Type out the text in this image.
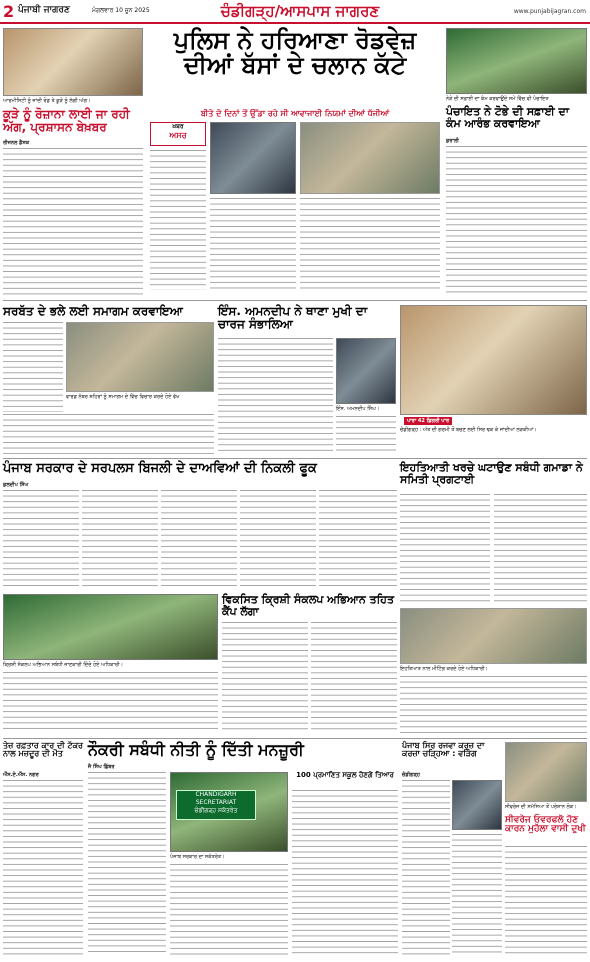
2 ਪੰਜਾਬੀ ਜਾਗਰਣ	ਮੰਗਲਵਾਰ 10 ਜੂਨ 2025	ਚੰਡੀਗੜ੍ਹ/ਆਸਪਾਸ ਜਾਗਰਣ	www.punjabijagran.com
ਆਰਮੀਸਿਟੀ ਨੂੰ ਜਾਂਦੀ ਰੋਡ ਤੇ ਕੂੜੇ ਨੂੰ ਲੱਗੀ ਅੱਗ।
ਕੂੜੇ ਨੂੰ ਰੋਜ਼ਾਨਾ ਲਾਈ ਜਾ ਰਹੀ ਅੱਗ, ਪ੍ਰਸ਼ਾਸਨ ਬੇਖ਼ਬਰ
ਰੀਜਨਲ ਡੈਸਕ
ਪੁਲਿਸ ਨੇ ਹਰਿਆਣਾ ਰੋਡਵੇਜ਼ ਦੀਆਂ ਬੱਸਾਂ ਦੇ ਚਲਾਨ ਕੱਟੇ
ਬੀਤੇ ਦੋ ਦਿਨਾਂ ਤੋਂ ਉੱਡਾ ਰਹੇ ਸੀ ਆਵਾਜਾਈ ਨਿਯਮਾਂ ਦੀਆਂ ਧੱਜੀਆਂ
ਖ਼ਬਰ
ਅਸਰ
ਨੇੜੇ ਦੀ ਸਫ਼ਾਈ ਦਾ ਕੰਮ ਕਰਵਾਉਂਦੇ ਸਮੇਂ ਵਿੱਚ ਵੀ ਪੰਚਾਇਤ
ਪੰਚਾਇਤ ਨੇ ਟੋਭੇ ਦੀ ਸਫ਼ਾਈ ਦਾ ਕੰਮ ਆਰੰਭ ਕਰਵਾਇਆ
ਕੁਰਾਲੀ
ਸਰਬੱਤ ਦੇ ਭਲੇ ਲਈ ਸਮਾਗਮ ਕਰਵਾਇਆ
ਵਾਰਡ ਨੰਬਰ ਸ਼ਹਿਰਾਂ ਨੂੰ ਸਮਾਗਮ ਦੇ ਵਿੱਚ ਵਿਚਾਰ ਕਰਦੇ ਹੋਏ ਵੱਖ
ਇੰਸ. ਅਮਨਦੀਪ ਨੇ ਥਾਣਾ ਮੁਖੀ ਦਾ ਚਾਰਜ ਸੰਭਾਲਿਆ
ਇੰਸ. ਅਮਨਦੀਪ ਸਿੰਘ।
ਪਾਰਾ 42 ਡਿਗਰੀ ਪਾਰ
ਚੰਡੀਗੜ੍ਹ : ਅੱਤ ਦੀ ਗਰਮੀ ਤੋਂ ਬਚਣ ਲਈ ਸਿਰ ਢਕ ਕੇ ਜਾਂਦੀਆਂ ਲੜਕੀਆਂ।
ਪੰਜਾਬ ਸਰਕਾਰ ਦੇ ਸਰਪਲਸ ਬਿਜਲੀ ਦੇ ਦਾਅਵਿਆਂ ਦੀ ਨਿਕਲੀ ਫੂਕ
ਕੁਲਦੀਪ ਸਿੰਘ
ਇਹਤਿਆਤੀ ਖਰਚੇ ਘਟਾਉਣ ਸਬੰਧੀ ਗਮਾਡਾ ਨੇ ਸਮਿਤੀ ਪ੍ਰਗਟਾਈ
ਇਹਤਿਆਤ ਨਾਲ ਮੀਟਿੰਗ ਕਰਦੇ ਹੋਏ ਅਧਿਕਾਰੀ।
ਕ੍ਰਿਸ਼ੀ ਸੰਕਲਪ ਅਭਿਆਨ ਸਬੰਧੀ ਜਾਣਕਾਰੀ ਦਿੰਦੇ ਹੋਏ ਅਧਿਕਾਰੀ।
ਵਿਕਸਿਤ ਕ੍ਰਿਸ਼ੀ ਸੰਕਲਪ ਅਭਿਆਨ ਤਹਿਤ ਕੈਂਪ ਲੱਗਾ
ਤੇਜ਼ ਰਫ਼ਤਾਰ ਕਾਰ ਦੀ ਟੱਕਰ ਨਾਲ ਮਜ਼ਦੂਰ ਦੀ ਮੌਤ
ਐੱਸ.ਏ.ਐੱਸ. ਨਗਰ
ਨੌਕਰੀ ਸਬੰਧੀ ਨੀਤੀ ਨੂੰ ਦਿੱਤੀ ਮਨਜ਼ੂਰੀ
ਜੈ ਸਿੰਘ ਛਿੱਬਰ
CHANDIGARH SECRETARIAT
ਚੰਡੀਗੜ੍ਹ ਸਕੱਤਰੇਤ
ਪੰਜਾਬ ਸਰਕਾਰ ਦਾ ਸਕੱਤਰੇਤ।
100 ਪ੍ਰਮਾਣਿਤ ਸਕੂਲ ਹੋਣਗੇ ਤਿਆਰ
ਪੰਜਾਬ ਸਿਰ ਰਜਵਾ ਕਰਜ਼ ਦਾ ਕਰਜ਼ਾ ਚੜ੍ਹਿਆ : ਵੜਿੰਗ
ਚੰਡੀਗੜ੍ਹ
ਸੀਵਰੇਜ ਦੀ ਸਮੱਸਿਆ ਤੋਂ ਪਰੇਸ਼ਾਨ ਲੋਕ।
ਸੀਵਰੇਜ ਓਵਰਫਲੋ ਹੋਣ ਕਾਰਨ ਮੁਹੱਲਾ ਵਾਸੀ ਦੁਖੀ
